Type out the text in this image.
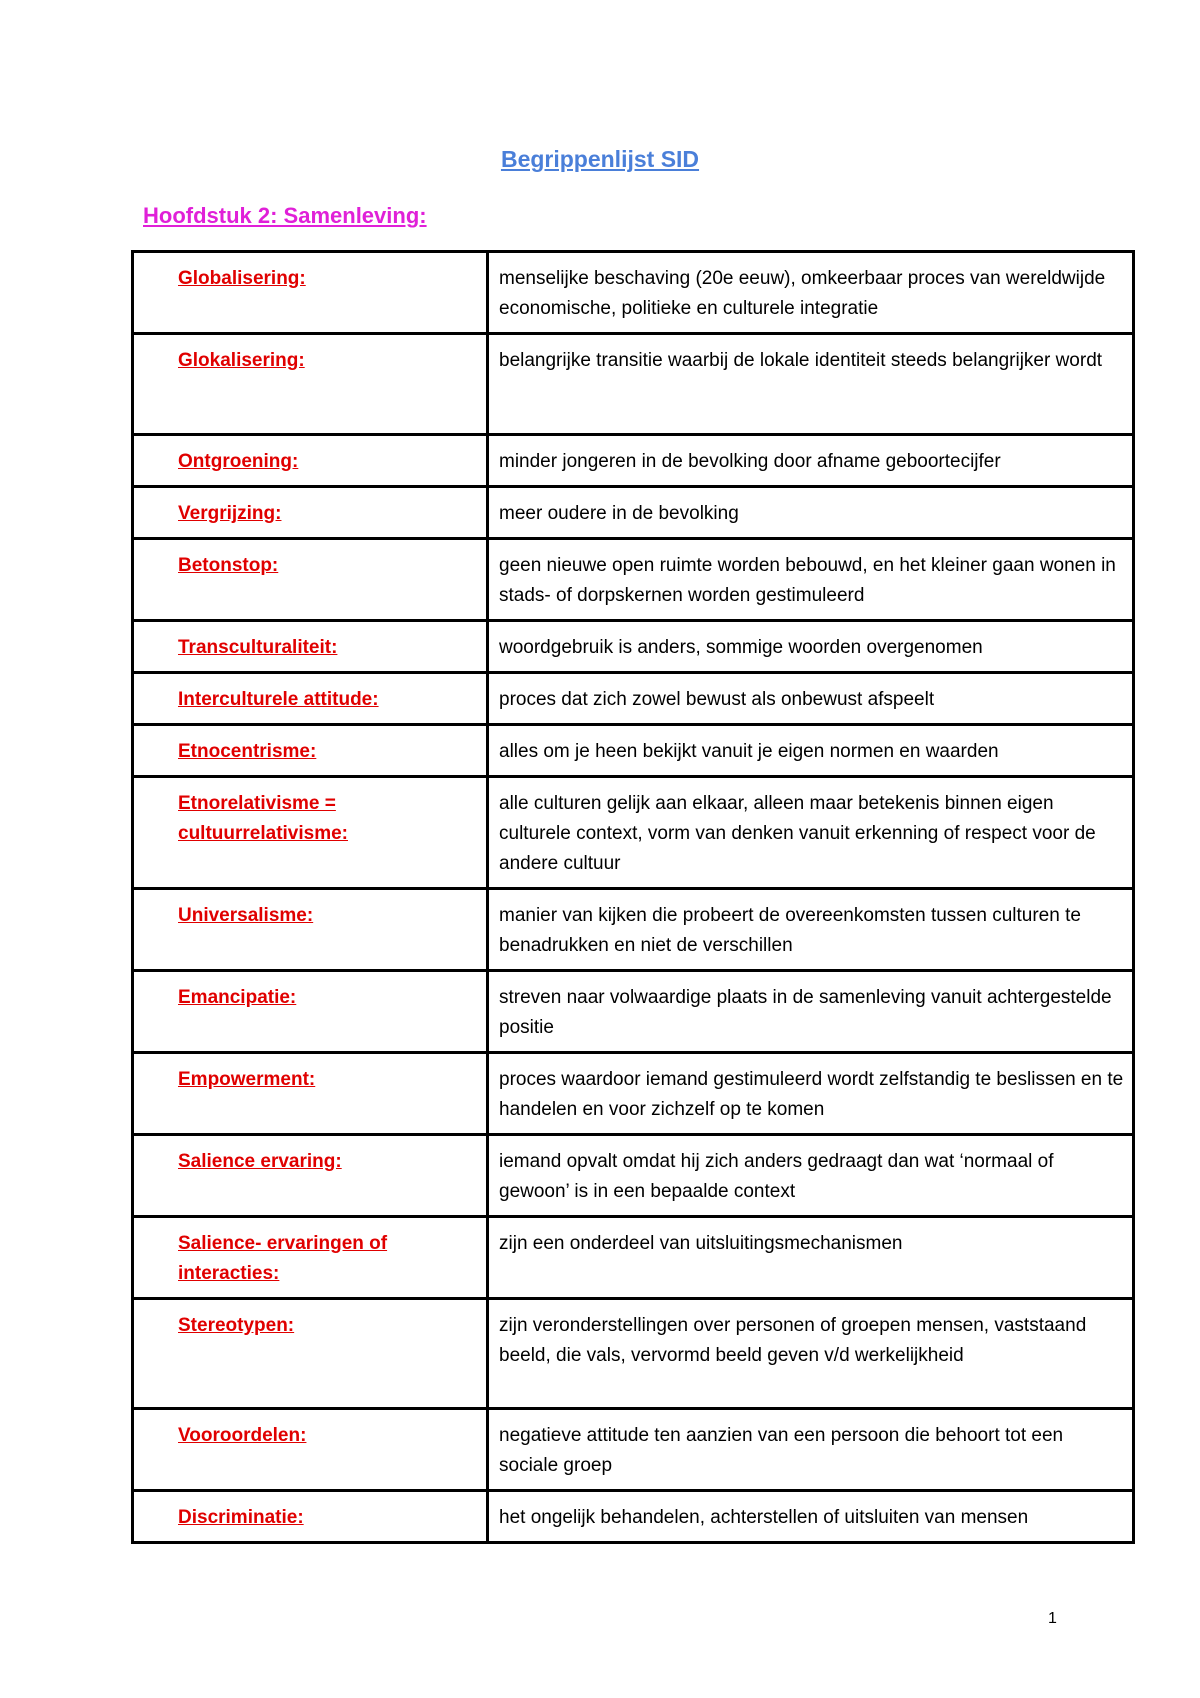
Begrippenlijst SID
Hoofdstuk 2: Samenleving:
Globalisering:	menselijke beschaving (20e eeuw), omkeerbaar proces van wereldwijde economische, politieke en culturele integratie
Glokalisering:	belangrijke transitie waarbij de lokale identiteit steeds belangrijker wordt
Ontgroening:	minder jongeren in de bevolking door afname geboortecijfer
Vergrijzing:	meer oudere in de bevolking
Betonstop:	geen nieuwe open ruimte worden bebouwd, en het kleiner gaan wonen in stads- of dorpskernen worden gestimuleerd
Transculturaliteit:	woordgebruik is anders, sommige woorden overgenomen
Interculturele attitude:	proces dat zich zowel bewust als onbewust afspeelt
Etnocentrisme:	alles om je heen bekijkt vanuit je eigen normen en waarden
Etnorelativisme = cultuurrelativisme:	alle culturen gelijk aan elkaar, alleen maar betekenis binnen eigen culturele context, vorm van denken vanuit erkenning of respect voor de andere cultuur
Universalisme:	manier van kijken die probeert de overeenkomsten tussen culturen te benadrukken en niet de verschillen
Emancipatie:	streven naar volwaardige plaats in de samenleving vanuit achtergestelde positie
Empowerment:	proces waardoor iemand gestimuleerd wordt zelfstandig te beslissen en te handelen en voor zichzelf op te komen
Salience ervaring:	iemand opvalt omdat hij zich anders gedraagt dan wat ‘normaal of gewoon’ is in een bepaalde context
Salience- ervaringen of interacties:	zijn een onderdeel van uitsluitingsmechanismen
Stereotypen:	zijn veronderstellingen over personen of groepen mensen, vaststaand beeld, die vals, vervormd beeld geven v/d werkelijkheid
Vooroordelen:	negatieve attitude ten aanzien van een persoon die behoort tot een sociale groep
Discriminatie:	het ongelijk behandelen, achterstellen of uitsluiten van mensen
1
